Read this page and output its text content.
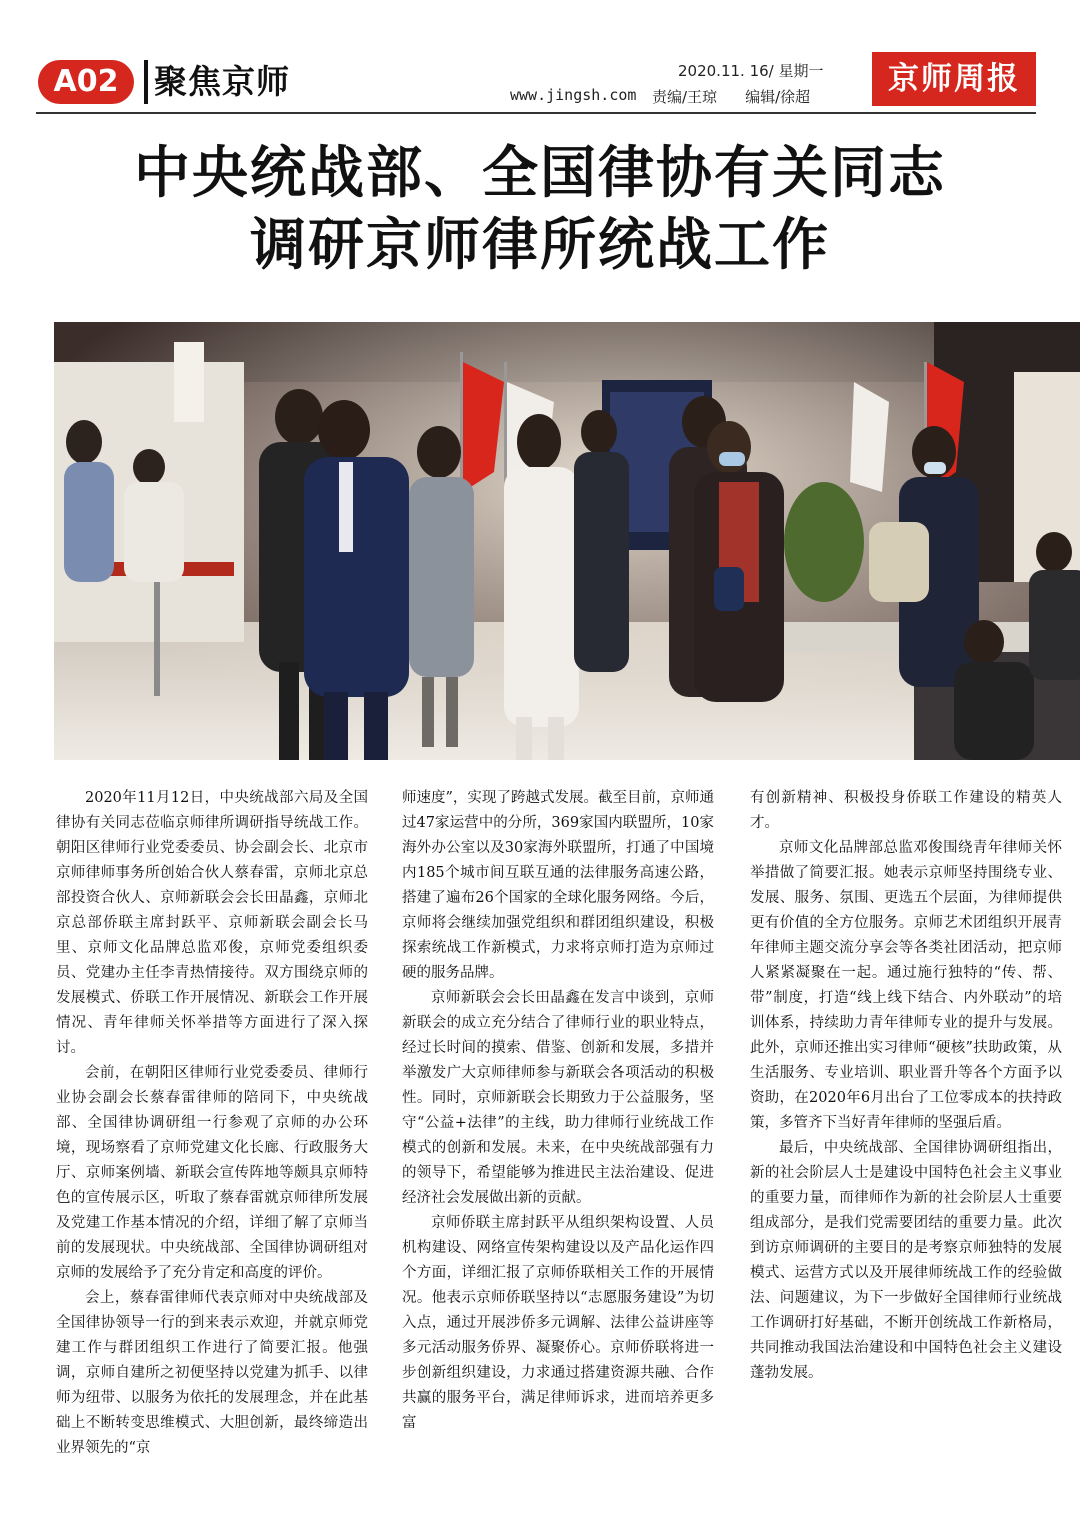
A02	聚焦京师	2020.11. 16/ 星期一
www.jingsh.com 责编/王琼 编辑/徐超	京师周报
中央统战部、全国律协有关同志
调研京师律所统战工作

2020年11月12日，中央统战部六局及全国律协有关同志莅临京师律所调研指导统战工作。朝阳区律师行业党委委员、协会副会长、北京市京师律师事务所创始合伙人蔡春雷，京师北京总部投资合伙人、京师新联会会长田晶鑫，京师北京总部侨联主席封跃平、京师新联会副会长马里、京师文化品牌总监邓俊，京师党委组织委员、党建办主任李青热情接待。双方围绕京师的发展模式、侨联工作开展情况、新联会工作开展情况、青年律师关怀举措等方面进行了深入探讨。

会前，在朝阳区律师行业党委委员、律师行业协会副会长蔡春雷律师的陪同下，中央统战部、全国律协调研组一行参观了京师的办公环境，现场察看了京师党建文化长廊、行政服务大厅、京师案例墙、新联会宣传阵地等颇具京师特色的宣传展示区，听取了蔡春雷就京师律所发展及党建工作基本情况的介绍，详细了解了京师当前的发展现状。中央统战部、全国律协调研组对京师的发展给予了充分肯定和高度的评价。

会上，蔡春雷律师代表京师对中央统战部及全国律协领导一行的到来表示欢迎，并就京师党建工作与群团组织工作进行了简要汇报。他强调，京师自建所之初便坚持以党建为抓手、以律师为纽带、以服务为依托的发展理念，并在此基础上不断转变思维模式、大胆创新，最终缔造出业界领先的“京

师速度”，实现了跨越式发展。截至目前，京师通过47家运营中的分所，369家国内联盟所，10家海外办公室以及30家海外联盟所，打通了中国境内185个城市间互联互通的法律服务高速公路，搭建了遍布26个国家的全球化服务网络。今后，京师将会继续加强党组织和群团组织建设，积极探索统战工作新模式，力求将京师打造为京师过硬的服务品牌。

京师新联会会长田晶鑫在发言中谈到，京师新联会的成立充分结合了律师行业的职业特点，经过长时间的摸索、借鉴、创新和发展，多措并举激发广大京师律师参与新联会各项活动的积极性。同时，京师新联会长期致力于公益服务，坚守“公益+法律”的主线，助力律师行业统战工作模式的创新和发展。未来，在中央统战部强有力的领导下，希望能够为推进民主法治建设、促进经济社会发展做出新的贡献。

京师侨联主席封跃平从组织架构设置、人员机构建设、网络宣传架构建设以及产品化运作四个方面，详细汇报了京师侨联相关工作的开展情况。他表示京师侨联坚持以“志愿服务建设”为切入点，通过开展涉侨多元调解、法律公益讲座等多元活动服务侨界、凝聚侨心。京师侨联将进一步创新组织建设，力求通过搭建资源共融、合作共赢的服务平台，满足律师诉求，进而培养更多富

有创新精神、积极投身侨联工作建设的精英人才。

京师文化品牌部总监邓俊围绕青年律师关怀举措做了简要汇报。她表示京师坚持围绕专业、发展、服务、氛围、更选五个层面，为律师提供更有价值的全方位服务。京师艺术团组织开展青年律师主题交流分享会等各类社团活动，把京师人紧紧凝聚在一起。通过施行独特的“传、帮、带”制度，打造“线上线下结合、内外联动”的培训体系，持续助力青年律师专业的提升与发展。此外，京师还推出实习律师“硬核”扶助政策，从生活服务、专业培训、职业晋升等各个方面予以资助，在2020年6月出台了工位零成本的扶持政策，多管齐下当好青年律师的坚强后盾。

最后，中央统战部、全国律协调研组指出，新的社会阶层人士是建设中国特色社会主义事业的重要力量，而律师作为新的社会阶层人士重要组成部分，是我们党需要团结的重要力量。此次到访京师调研的主要目的是考察京师独特的发展模式、运营方式以及开展律师统战工作的经验做法、问题建议，为下一步做好全国律师行业统战工作调研打好基础，不断开创统战工作新格局，共同推动我国法治建设和中国特色社会主义建设蓬勃发展。
